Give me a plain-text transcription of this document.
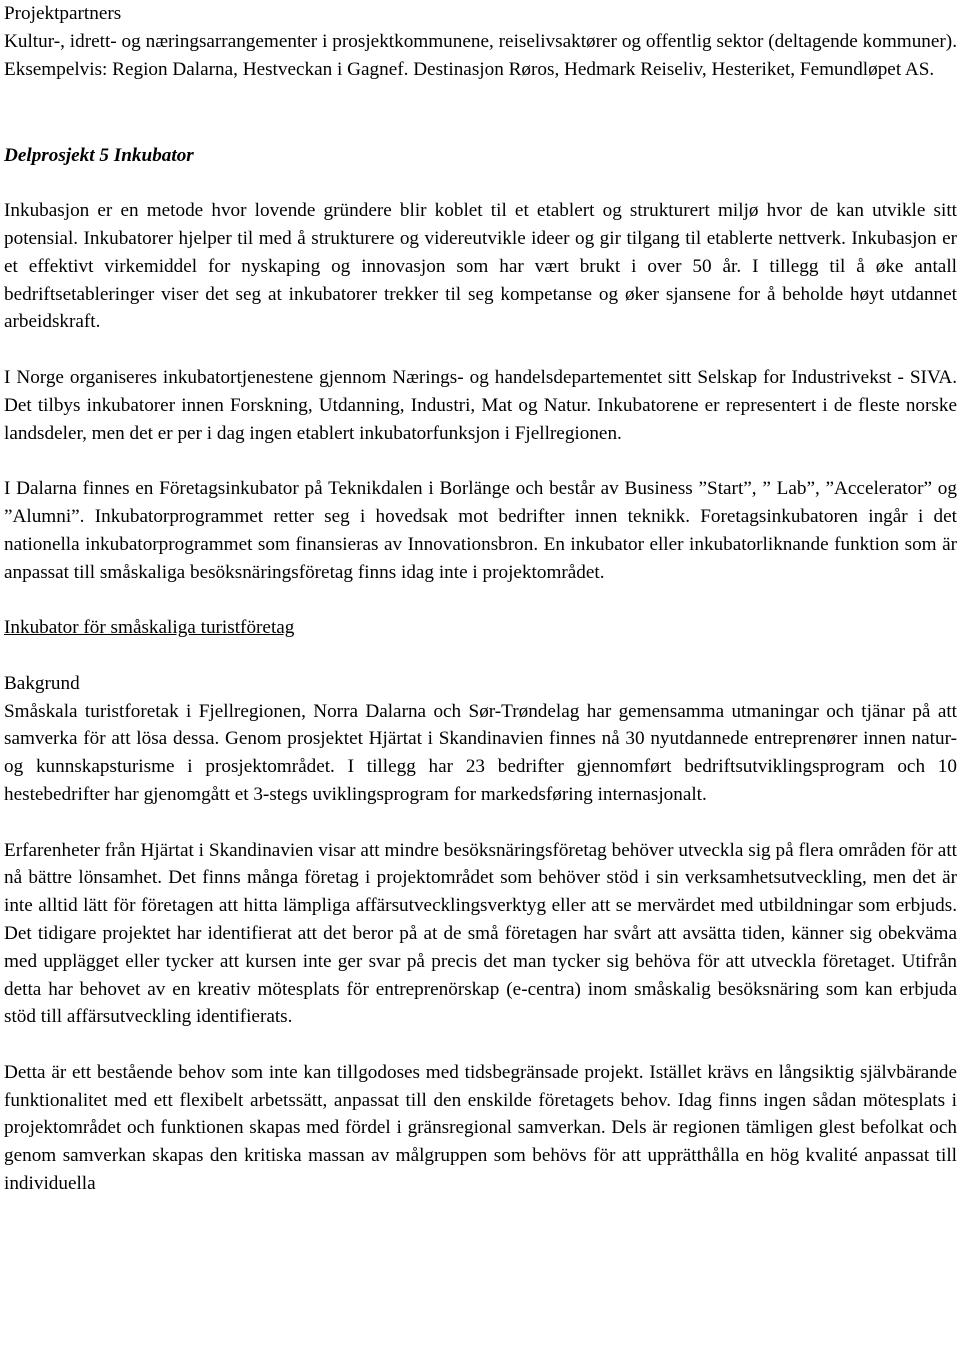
Projektpartners

Kultur-, idrett- og næringsarrangementer i prosjektkommunene, reiselivsaktører og offentlig sektor (deltagende kommuner). Eksempelvis: Region Dalarna, Hestveckan i Gagnef. Destinasjon Røros, Hedmark Reiseliv, Hesteriket, Femundløpet AS.

Delprosjekt 5 Inkubator

Inkubasjon er en metode hvor lovende gründere blir koblet til et etablert og strukturert miljø hvor de kan utvikle sitt potensial. Inkubatorer hjelper til med å strukturere og videreutvikle ideer og gir tilgang til etablerte nettverk. Inkubasjon er et effektivt virkemiddel for nyskaping og innovasjon som har vært brukt i over 50 år. I tillegg til å øke antall bedriftsetableringer viser det seg at inkubatorer trekker til seg kompetanse og øker sjansene for å beholde høyt utdannet arbeidskraft.

I Norge organiseres inkubatortjenestene gjennom Nærings- og handelsdepartementet sitt Selskap for Industrivekst - SIVA. Det tilbys inkubatorer innen Forskning, Utdanning, Industri, Mat og Natur. Inkubatorene er representert i de fleste norske landsdeler, men det er per i dag ingen etablert inkubatorfunksjon i Fjellregionen.

I Dalarna finnes en Företagsinkubator på Teknikdalen i Borlänge och består av Business ”Start”, ” Lab”, ”Accelerator” og ”Alumni”. Inkubatorprogrammet retter seg i hovedsak mot bedrifter innen teknikk. Foretagsinkubatoren ingår i det nationella inkubatorprogrammet som finansieras av Innovationsbron. En inkubator eller inkubatorliknande funktion som är anpassat till småskaliga besöksnäringsföretag finns idag inte i projektområdet.

Inkubator för småskaliga turistföretag

Bakgrund

Småskala turistforetak i Fjellregionen, Norra Dalarna och Sør-Trøndelag har gemensamma utmaningar och tjänar på att samverka för att lösa dessa. Genom prosjektet Hjärtat i Skandinavien finnes nå 30 nyutdannede entreprenører innen natur- og kunnskapsturisme i prosjektområdet. I tillegg har 23 bedrifter gjennomført bedriftsutviklingsprogram och 10 hestebedrifter har gjenomgått et 3-stegs uviklingsprogram for markedsføring internasjonalt.

Erfarenheter från Hjärtat i Skandinavien visar att mindre besöksnäringsföretag behöver utveckla sig på flera områden för att nå bättre lönsamhet. Det finns många företag i projektområdet som behöver stöd i sin verksamhetsutveckling, men det är inte alltid lätt för företagen att hitta lämpliga affärsutvecklingsverktyg eller att se mervärdet med utbildningar som erbjuds. Det tidigare projektet har identifierat att det beror på at de små företagen har svårt att avsätta tiden, känner sig obekväma med upplägget eller tycker att kursen inte ger svar på precis det man tycker sig behöva för att utveckla företaget. Utifrån detta har behovet av en kreativ mötesplats för entreprenörskap (e-centra) inom småskalig besöksnäring som kan erbjuda stöd till affärsutveckling identifierats.

Detta är ett bestående behov som inte kan tillgodoses med tidsbegränsade projekt. Istället krävs en långsiktig självbärande funktionalitet med ett flexibelt arbetssätt, anpassat till den enskilde företagets behov. Idag finns ingen sådan mötesplats i projektområdet och funktionen skapas med fördel i gränsregional samverkan. Dels är regionen tämligen glest befolkat och genom samverkan skapas den kritiska massan av målgruppen som behövs för att upprätthålla en hög kvalité anpassat till individuella
